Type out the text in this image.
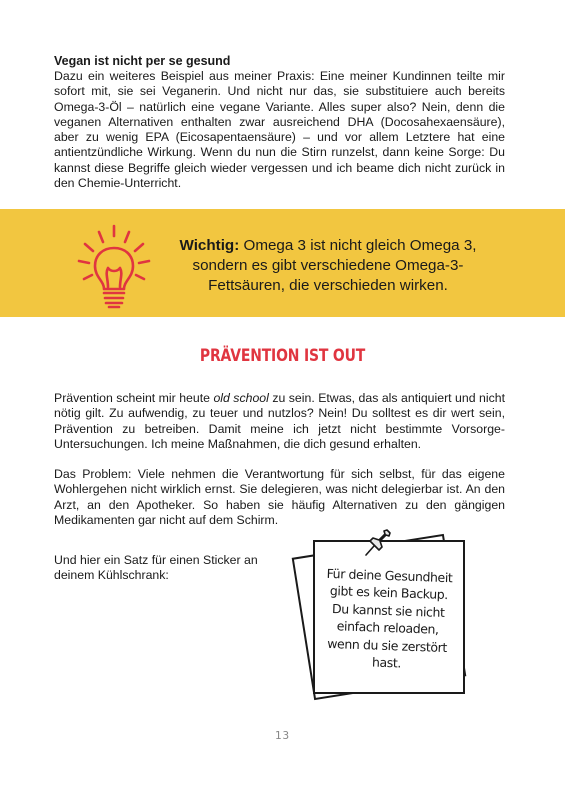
Vegan ist nicht per se gesund

Dazu ein weiteres Beispiel aus meiner Praxis: Eine meiner Kundinnen teilte mir sofort mit, sie sei Veganerin. Und nicht nur das, sie substituiere auch bereits Omega-3-Öl – natürlich eine vegane Variante. Alles super also? Nein, denn die veganen Alternativen enthalten zwar ausreichend DHA (Docosahexaensäure), aber zu wenig EPA (Eicosapentaensäure) – und vor allem Letztere hat eine antientzündliche Wirkung. Wenn du nun die Stirn runzelst, dann keine Sorge: Du kannst diese Begriffe gleich wieder vergessen und ich beame dich nicht zurück in den Chemie-Unterricht.

Wichtig: Omega 3 ist nicht gleich Omega 3, sondern es gibt verschiedene Omega-3-Fettsäuren, die verschieden wirken.
PRÄVENTION IST OUT

Prävention scheint mir heute old school zu sein. Etwas, das als antiquiert und nicht nötig gilt. Zu aufwendig, zu teuer und nutzlos? Nein! Du solltest es dir wert sein, Prävention zu betreiben. Damit meine ich jetzt nicht bestimmte Vorsorge-Untersuchungen. Ich meine Maßnahmen, die dich gesund erhalten.

Das Problem: Viele nehmen die Verantwortung für sich selbst, für das eigene Wohlergehen nicht wirklich ernst. Sie delegieren, was nicht delegierbar ist. An den Arzt, an den Apotheker. So haben sie häufig Alternativen zu den gängigen Medikamenten gar nicht auf dem Schirm.

Und hier ein Satz für einen Sticker an deinem Kühlschrank:	Für deine Gesundheit gibt es kein Backup. Du kannst sie nicht einfach reloaden, wenn du sie zerstört hast.
13
